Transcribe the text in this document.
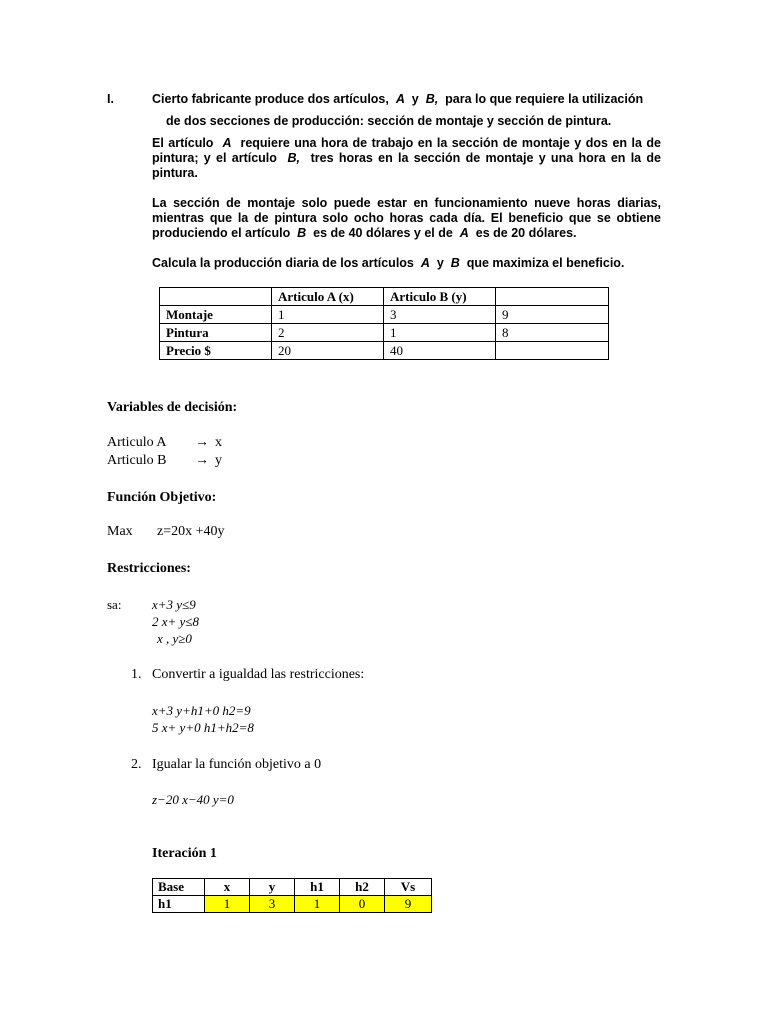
I.	Cierto fabricante produce dos artículos, A y B, para lo que requiere la utilización
de dos secciones de producción: sección de montaje y sección de pintura.
El artículo A requiere una hora de trabajo en la sección de montaje y dos en la de
pintura; y el artículo B, tres horas en la sección de montaje y una hora en la de
pintura.
La sección de montaje solo puede estar en funcionamiento nueve horas diarias,
mientras que la de pintura solo ocho horas cada día. El beneficio que se obtiene
produciendo el artículo B es de 40 dólares y el de A es de 20 dólares.
Calcula la producción diaria de los artículos A y B que maximiza el beneficio.
	Articulo A (x)	Articulo B (y)	
Montaje	1	3	9
Pintura	2	1	8
Precio $	20	40	
Variables de decisión:
Articulo A → x
Articulo B → y
Función Objetivo:
Max z=20x +40y
Restricciones:
sa: x+3 y≤9
2 x+ y≤8
x , y≥0
1. Convertir a igualdad las restricciones:
x+3 y+h1+0 h2=9
5 x+ y+0 h1+h2=8
2. Igualar la función objetivo a 0
z−20 x−40 y=0
Iteración 1
Base	x	y	h1	h2	Vs
h1	1	3	1	0	9
